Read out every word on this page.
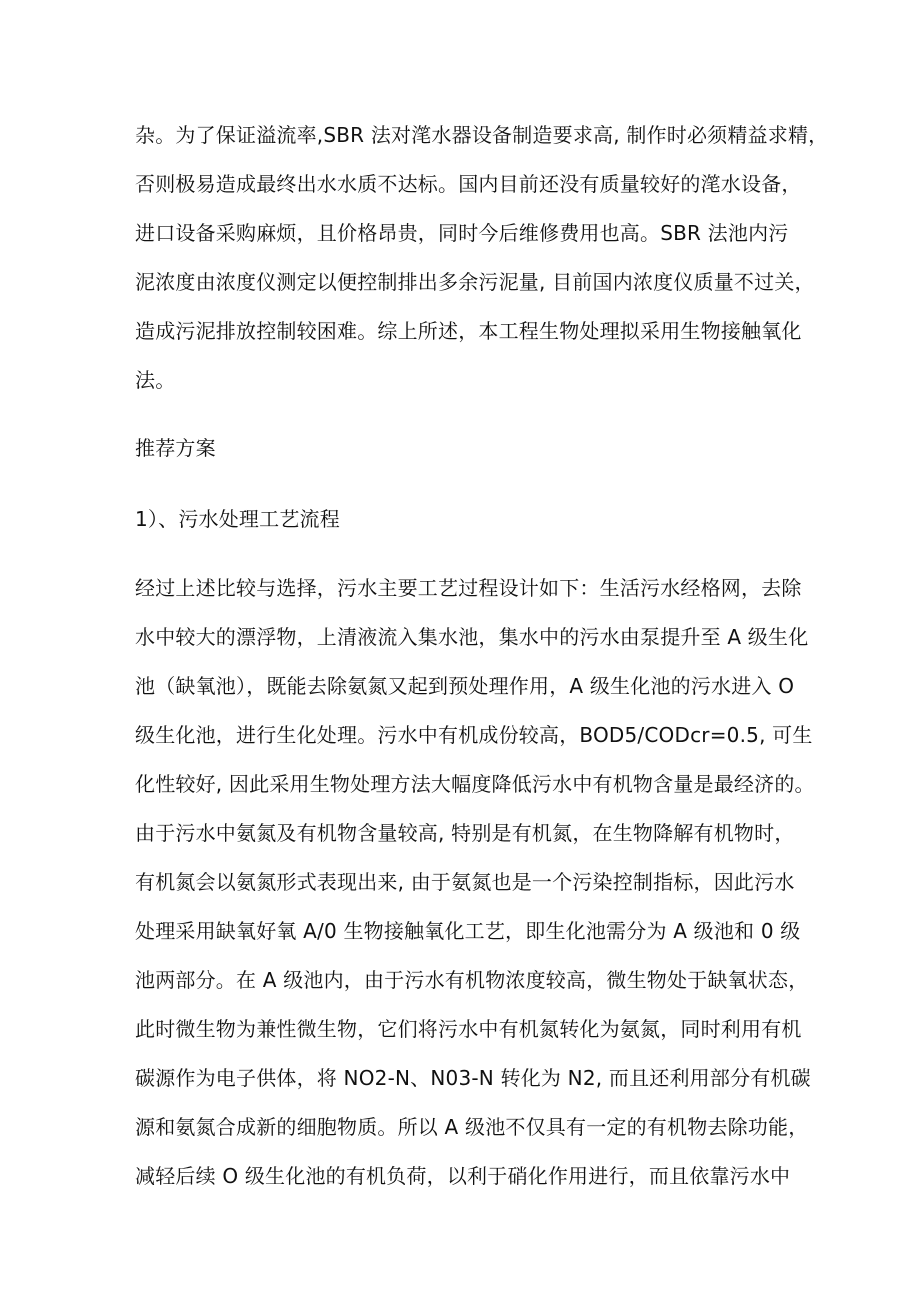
杂。为了保证溢流率,SBR 法对滗水器设备制造要求高, 制作时必须精益求精，
否则极易造成最终出水水质不达标。国内目前还没有质量较好的滗水设备，
进口设备采购麻烦，且价格昂贵，同时今后维修费用也高。SBR 法池内污
泥浓度由浓度仪测定以便控制排出多余污泥量, 目前国内浓度仪质量不过关，
造成污泥排放控制较困难。综上所述，本工程生物处理拟采用生物接触氧化
法。
推荐方案
1）、污水处理工艺流程
经过上述比较与选择，污水主要工艺过程设计如下：生活污水经格网，去除
水中较大的漂浮物，上清液流入集水池，集水中的污水由泵提升至 A 级生化
池（缺氧池），既能去除氨氮又起到预处理作用，A 级生化池的污水进入 O
级生化池，进行生化处理。污水中有机成份较高，BOD5/CODcr=0.5, 可生
化性较好, 因此采用生物处理方法大幅度降低污水中有机物含量是最经济的。
由于污水中氨氮及有机物含量较高, 特别是有机氮，在生物降解有机物时，
有机氮会以氨氮形式表现出来, 由于氨氮也是一个污染控制指标，因此污水
处理采用缺氧好氧 A/0 生物接触氧化工艺，即生化池需分为 A 级池和 0 级
池两部分。在 A 级池内，由于污水有机物浓度较高，微生物处于缺氧状态，
此时微生物为兼性微生物，它们将污水中有机氮转化为氨氮，同时利用有机
碳源作为电子供体，将 NO2-N、N03-N 转化为 N2, 而且还利用部分有机碳
源和氨氮合成新的细胞物质。所以 A 级池不仅具有一定的有机物去除功能，
减轻后续 O 级生化池的有机负荷，以利于硝化作用进行，而且依靠污水中
